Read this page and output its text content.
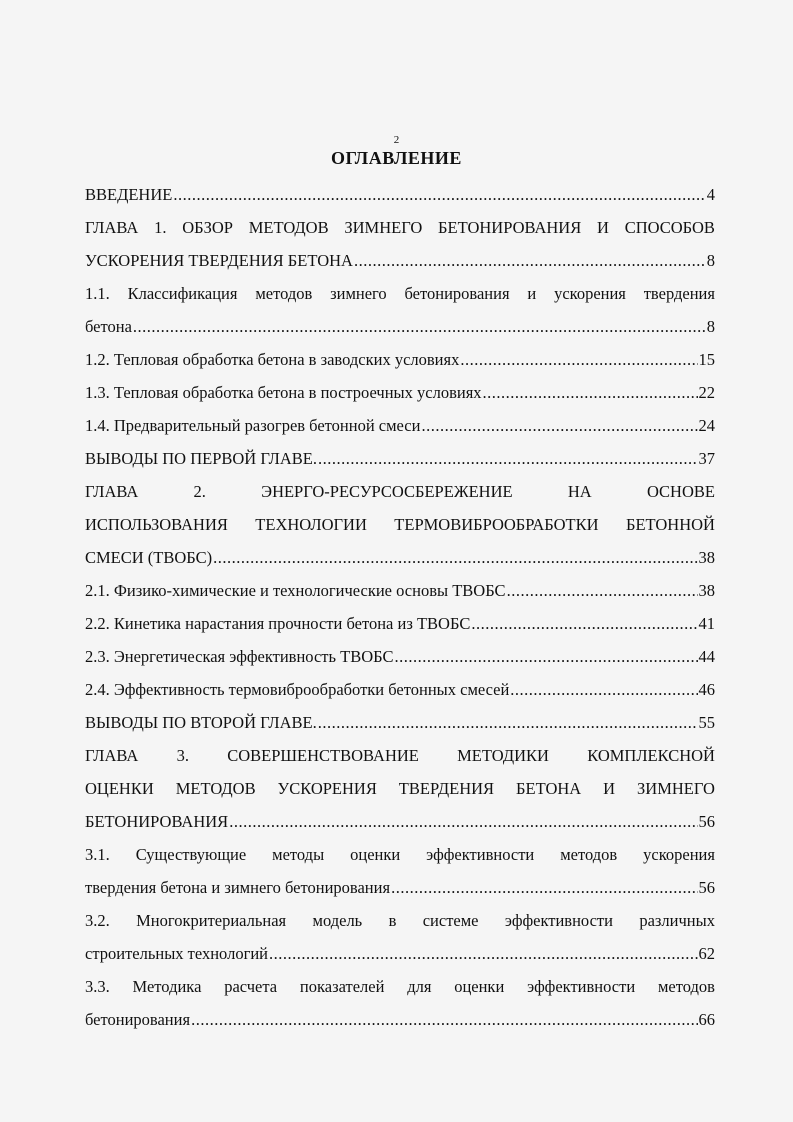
2
ОГЛАВЛЕНИЕ
ВВЕДЕНИЕ .....	4
ГЛАВА 1. ОБЗОР МЕТОДОВ ЗИМНЕГО БЕТОНИРОВАНИЯ И СПОСОБОВ
УСКОРЕНИЯ ТВЕРДЕНИЯ БЕТОНА .....	8
1.1. Классификация методов зимнего бетонирования и ускорения твердения
бетона .....	8
1.2. Тепловая обработка бетона в заводских условиях .....	15
1.3. Тепловая обработка бетона в построечных условиях .....	22
1.4. Предварительный разогрев бетонной смеси .....	24
ВЫВОДЫ ПО ПЕРВОЙ ГЛАВЕ. .....	37
ГЛАВА	2.	ЭНЕРГО-РЕСУРСОСБЕРЕЖЕНИЕ	НА	ОСНОВЕ
ИСПОЛЬЗОВАНИЯ ТЕХНОЛОГИИ ТЕРМОВИБРООБРАБОТКИ БЕТОННОЙ
СМЕСИ (ТВОБС) .....	38
2.1. Физико-химические и технологические основы ТВОБС .....	38
2.2. Кинетика нарастания прочности бетона из ТВОБС .....	41
2.3. Энергетическая эффективность ТВОБС .....	44
2.4. Эффективность термовиброобработки бетонных смесей .....	46
ВЫВОДЫ ПО ВТОРОЙ ГЛАВЕ. .....	55
ГЛАВА 3. СОВЕРШЕНСТВОВАНИЕ МЕТОДИКИ КОМПЛЕКСНОЙ
ОЦЕНКИ МЕТОДОВ УСКОРЕНИЯ ТВЕРДЕНИЯ БЕТОНА И ЗИМНЕГО
БЕТОНИРОВАНИЯ .....	56
3.1. Существующие методы оценки эффективности методов ускорения
твердения бетона и зимнего бетонирования .....	56
3.2. Многокритериальная модель в системе эффективности различных
строительных технологий .....	62
3.3. Методика расчета показателей для оценки эффективности методов
бетонирования .....	66
